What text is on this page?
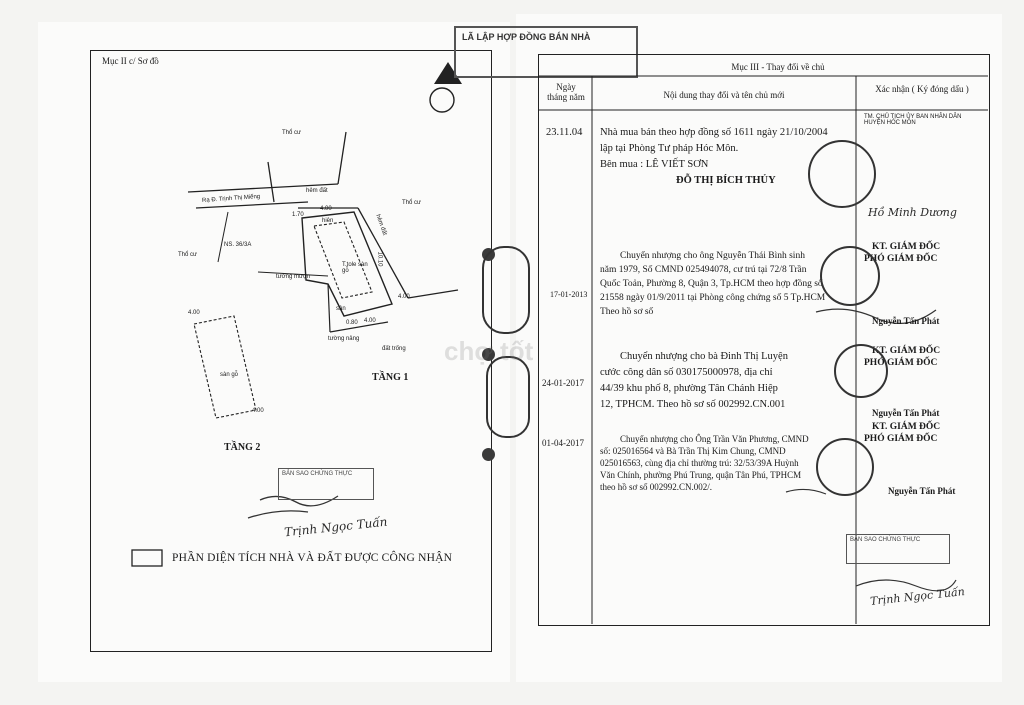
Mục II c/ Sơ đồ
Thổ cư
Thổ cư
Thổ cư
hẻm đất
hẻm đất
Rạ Đ. Trịnh Thị Miếng
NS. 36/3A
hiên
T.tole sàn gỗ
tường mượn
sân
tường nâng
đất trống
sàn gỗ
1.70
4.00
4.00
4.00
10.10
0.80 4.00
4.00
TẦNG 1
TẦNG 2
BẢN SAO CHỨNG THỰC
Trịnh Ngọc Tuấn
PHẦN DIỆN TÍCH NHÀ VÀ ĐẤT ĐƯỢC CÔNG NHẬN
LÃ LẬP HỢP ĐỒNG BÁN NHÀ
Mục III - Thay đổi về chủ
Ngày tháng năm	Nội dung thay đổi và tên chủ mới
Xác nhận ( Ký đóng dấu )
23.11.04 Nhà mua bán theo hợp đồng số 1611 ngày 21/10/2004
lập tại Phòng Tư pháp Hóc Môn.
Bên mua : LÊ VIẾT SƠN
ĐỖ THỊ BÍCH THỦY
TM. CHỦ TỊCH ỦY BAN NHÂN DÂN HUYỆN HÓC MÔN
Hồ Minh Dương
17-01-2013
Chuyển nhượng cho ông Nguyễn Thái Bình sinh
năm 1979, Số CMND 025494078, cư trú tại 72/8 Trần
Quốc Toản, Phường 8, Quận 3, Tp.HCM theo hợp đồng số
21558 ngày 01/9/2011 tại Phòng công chứng số 5 Tp.HCM
Theo hồ sơ số
KT. GIÁM ĐỐC
PHÓ GIÁM ĐỐC
Nguyễn Tấn Phát
24-01-2017
Chuyển nhượng cho bà Đinh Thị Luyện
cước công dân số 030175000978, địa chỉ
44/39 khu phố 8, phường Tân Chánh Hiệp
12, TPHCM. Theo hồ sơ số 002992.CN.001
KT. GIÁM ĐỐC
PHÓ GIÁM ĐỐC
Nguyễn Tấn Phát
01-04-2017	Chuyển nhượng cho Ông Trần Văn Phương, CMND
số: 025016564 và Bà Trần Thị Kim Chung, CMND
025016563, cùng địa chỉ thường trú: 32/53/39A Huỳnh
Văn Chính, phường Phú Trung, quận Tân Phú, TPHCM
theo hồ sơ số 002992.CN.002/.
KT. GIÁM ĐỐC
PHÓ GIÁM ĐỐC
Nguyễn Tấn Phát
BẢN SAO CHỨNG THỰC
Trịnh Ngọc Tuấn
chợ tốt
